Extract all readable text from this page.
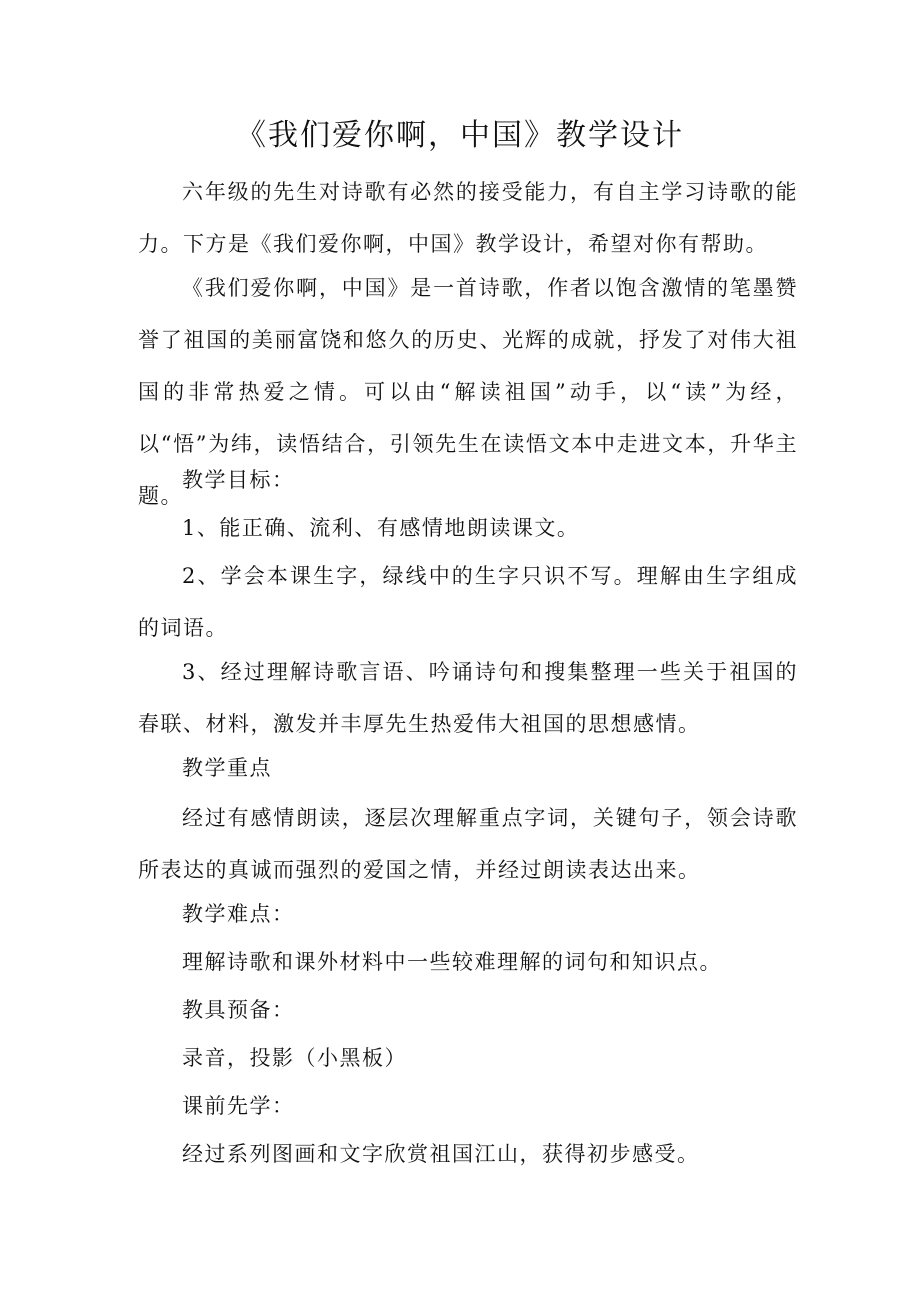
《我们爱你啊，中国》教学设计
六年级的先生对诗歌有必然的接受能力，有自主学习诗歌的能力。下方是《我们爱你啊，中国》教学设计，希望对你有帮助。
《我们爱你啊，中国》是一首诗歌，作者以饱含激情的笔墨赞誉了祖国的美丽富饶和悠久的历史、光辉的成就，抒发了对伟大祖国的非常热爱之情。可以由“解读祖国”动手，以“读”为经，以“悟”为纬，读悟结合，引领先生在读悟文本中走进文本，升华主题。
教学目标：
1、能正确、流利、有感情地朗读课文。
2、学会本课生字，绿线中的生字只识不写。理解由生字组成的词语。
3、经过理解诗歌言语、吟诵诗句和搜集整理一些关于祖国的春联、材料，激发并丰厚先生热爱伟大祖国的思想感情。
教学重点
经过有感情朗读，逐层次理解重点字词，关键句子，领会诗歌所表达的真诚而强烈的爱国之情，并经过朗读表达出来。
教学难点：
理解诗歌和课外材料中一些较难理解的词句和知识点。
教具预备：
录音，投影（小黑板）
课前先学：
经过系列图画和文字欣赏祖国江山，获得初步感受。
